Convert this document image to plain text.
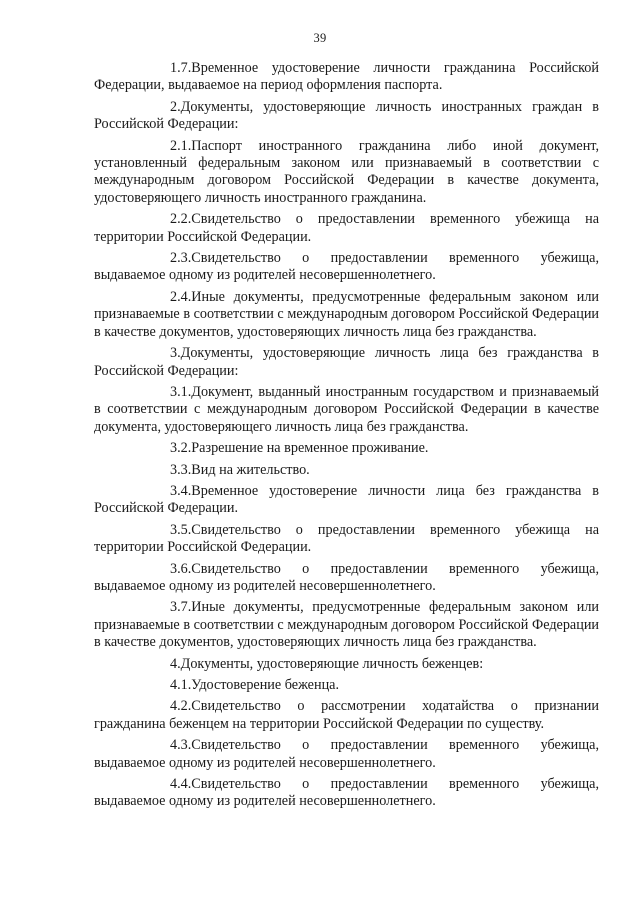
39

1.7.Временное удостоверение личности гражданина Российской Федерации, выдаваемое на период оформления паспорта.

2.Документы, удостоверяющие личность иностранных граждан в Российской Федерации:

2.1.Паспорт иностранного гражданина либо иной документ, установленный федеральным законом или признаваемый в соответствии с международным договором Российской Федерации в качестве документа, удостоверяющего личность иностранного гражданина.

2.2.Свидетельство о предоставлении временного убежища на территории Российской Федерации.

2.3.Свидетельство о предоставлении временного убежища, выдаваемое одному из родителей несовершеннолетнего.

2.4.Иные документы, предусмотренные федеральным законом или признаваемые в соответствии с международным договором Российской Федерации в качестве документов, удостоверяющих личность лица без гражданства.

3.Документы, удостоверяющие личность лица без гражданства в Российской Федерации:

3.1.Документ, выданный иностранным государством и признаваемый в соответствии с международным договором Российской Федерации в качестве документа, удостоверяющего личность лица без гражданства.

3.2.Разрешение на временное проживание.

3.3.Вид на жительство.

3.4.Временное удостоверение личности лица без гражданства в Российской Федерации.

3.5.Свидетельство о предоставлении временного убежища на территории Российской Федерации.

3.6.Свидетельство о предоставлении временного убежища, выдаваемое одному из родителей несовершеннолетнего.

3.7.Иные документы, предусмотренные федеральным законом или признаваемые в соответствии с международным договором Российской Федерации в качестве документов, удостоверяющих личность лица без гражданства.

4.Документы, удостоверяющие личность беженцев:

4.1.Удостоверение беженца.

4.2.Свидетельство о рассмотрении ходатайства о признании гражданина беженцем на территории Российской Федерации по существу.

4.3.Свидетельство о предоставлении временного убежища, выдаваемое одному из родителей несовершеннолетнего.

4.4.Свидетельство о предоставлении временного убежища, выдаваемое одному из родителей несовершеннолетнего.
